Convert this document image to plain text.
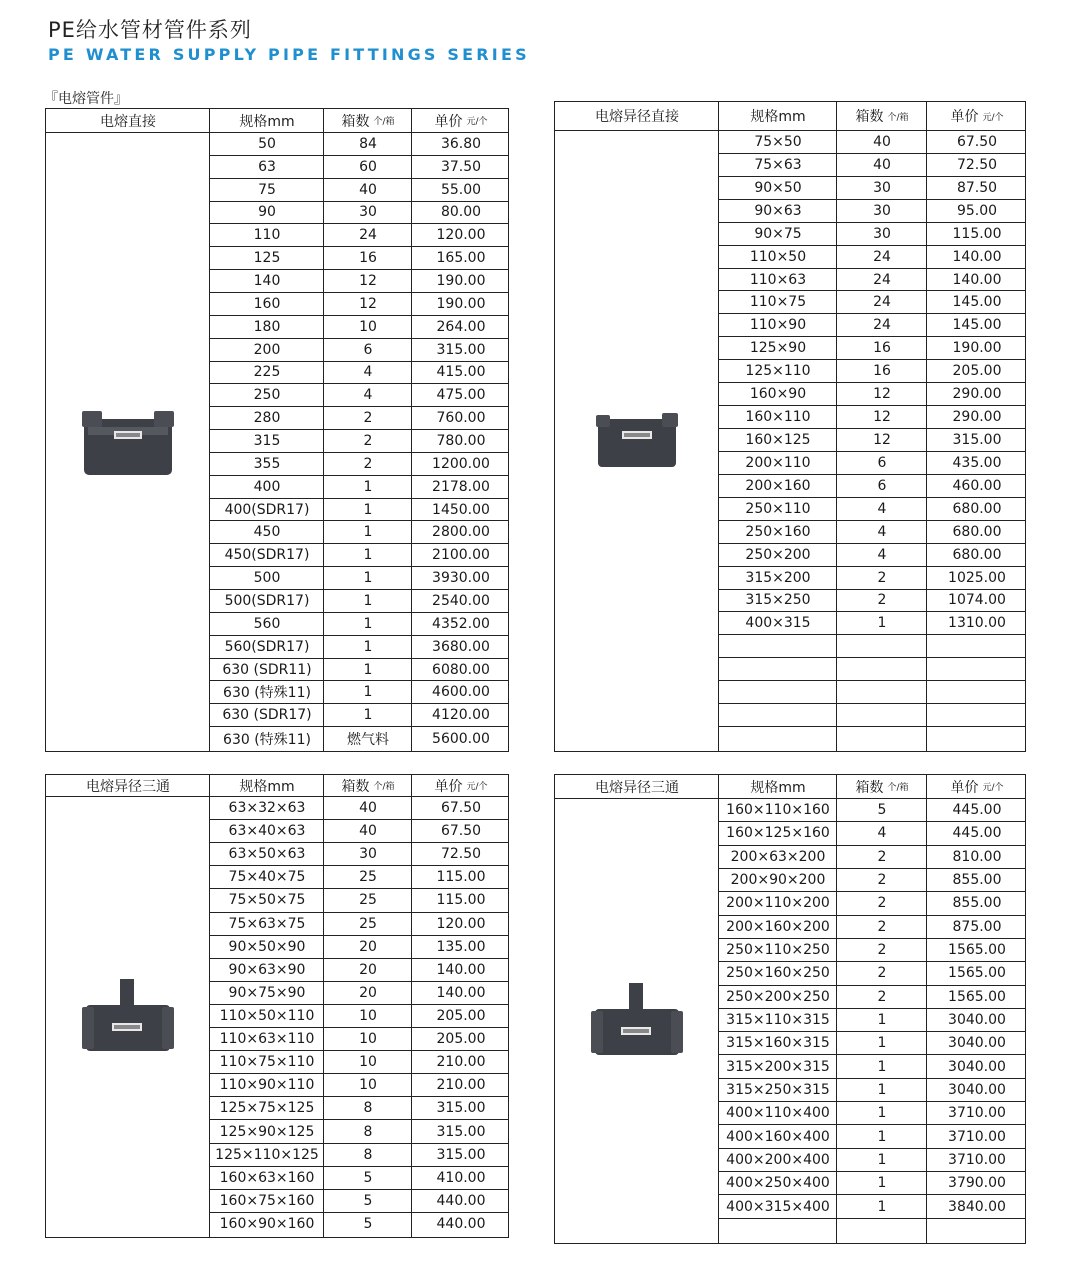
PE给水管材管件系列
PE WATER SUPPLY PIPE FITTINGS SERIES
『电熔管件』
电熔直接	规格mm	箱数 个/箱	单价 元/个
50	84	36.80
63	60	37.50
75	40	55.00
90	30	80.00
110	24	120.00
125	16	165.00
140	12	190.00
160	12	190.00
180	10	264.00
200	6	315.00
225	4	415.00
250	4	475.00
280	2	760.00
315	2	780.00
355	2	1200.00
400	1	2178.00
400(SDR17)	1	1450.00
450	1	2800.00
450(SDR17)	1	2100.00
500	1	3930.00
500(SDR17)	1	2540.00
560	1	4352.00
560(SDR17)	1	3680.00
630 (SDR11)	1	6080.00
630 (特殊11)	1	4600.00
630 (SDR17)	1	4120.00
630 (特殊11)	燃气料	5600.00
电熔异径直接	规格mm	箱数 个/箱	单价 元/个
75×50	40	67.50
75×63	40	72.50
90×50	30	87.50
90×63	30	95.00
90×75	30	115.00
110×50	24	140.00
110×63	24	140.00
110×75	24	145.00
110×90	24	145.00
125×90	16	190.00
125×110	16	205.00
160×90	12	290.00
160×110	12	290.00
160×125	12	315.00
200×110	6	435.00
200×160	6	460.00
250×110	4	680.00
250×160	4	680.00
250×200	4	680.00
315×200	2	1025.00
315×250	2	1074.00
400×315	1	1310.00
电熔异径三通	规格mm	箱数 个/箱	单价 元/个
63×32×63	40	67.50
63×40×63	40	67.50
63×50×63	30	72.50
75×40×75	25	115.00
75×50×75	25	115.00
75×63×75	25	120.00
90×50×90	20	135.00
90×63×90	20	140.00
90×75×90	20	140.00
110×50×110	10	205.00
110×63×110	10	205.00
110×75×110	10	210.00
110×90×110	10	210.00
125×75×125	8	315.00
125×90×125	8	315.00
125×110×125	8	315.00
160×63×160	5	410.00
160×75×160	5	440.00
160×90×160	5	440.00
电熔异径三通	规格mm	箱数 个/箱	单价 元/个
160×110×160	5	445.00
160×125×160	4	445.00
200×63×200	2	810.00
200×90×200	2	855.00
200×110×200	2	855.00
200×160×200	2	875.00
250×110×250	2	1565.00
250×160×250	2	1565.00
250×200×250	2	1565.00
315×110×315	1	3040.00
315×160×315	1	3040.00
315×200×315	1	3040.00
315×250×315	1	3040.00
400×110×400	1	3710.00
400×160×400	1	3710.00
400×200×400	1	3710.00
400×250×400	1	3790.00
400×315×400	1	3840.00
